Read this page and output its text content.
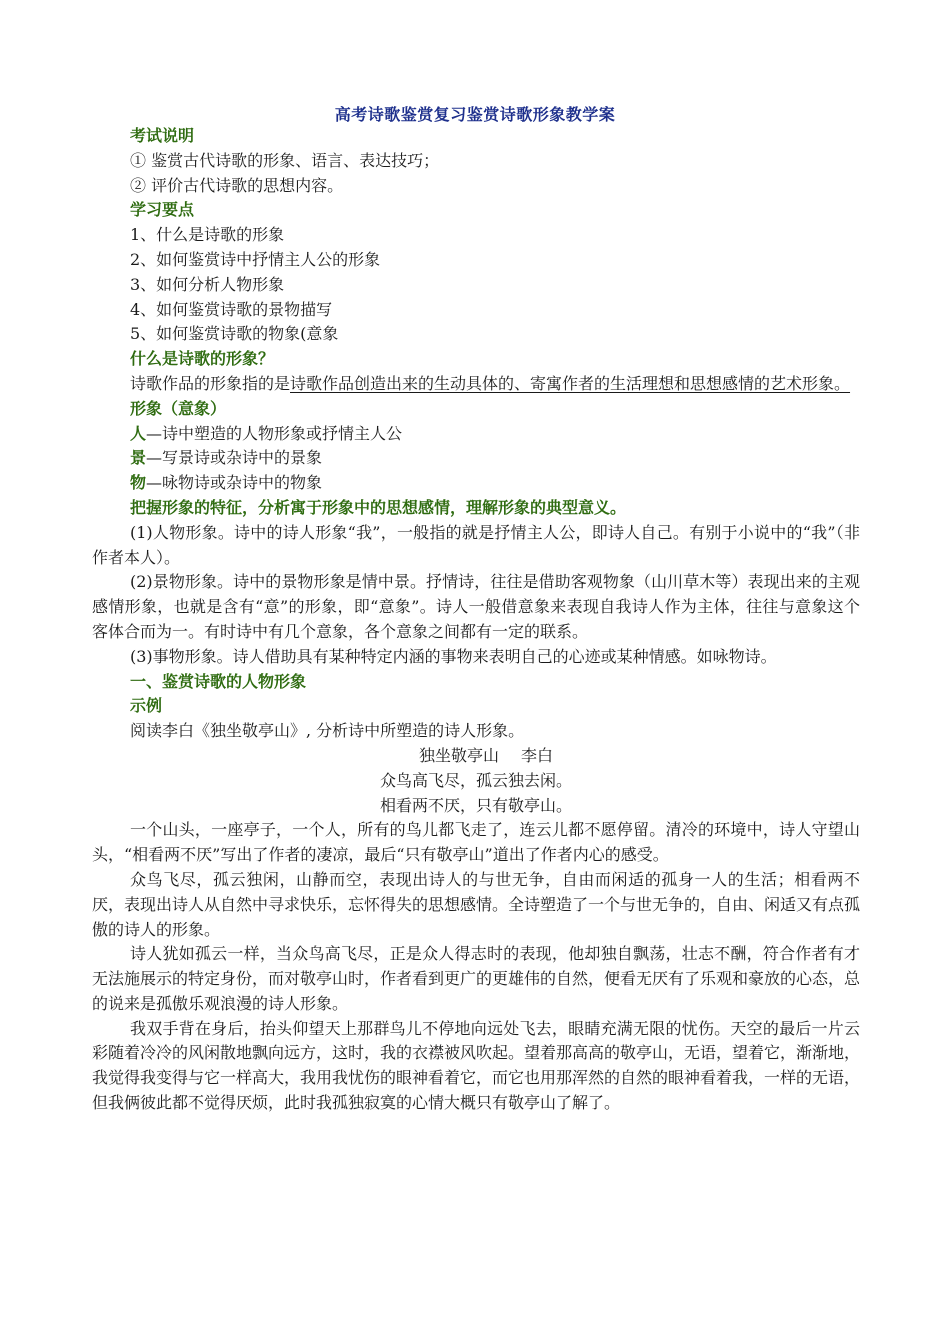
高考诗歌鉴赏复习鉴赏诗歌形象教学案

考试说明

① 鉴赏古代诗歌的形象、语言、表达技巧；

② 评价古代诗歌的思想内容。

学习要点

1、什么是诗歌的形象

2、如何鉴赏诗中抒情主人公的形象

3、如何分析人物形象

4、如何鉴赏诗歌的景物描写

5、如何鉴赏诗歌的物象(意象

什么是诗歌的形象？

诗歌作品的形象指的是诗歌作品创造出来的生动具体的、寄寓作者的生活理想和思想感情的艺术形象。

形象（意象）

人—诗中塑造的人物形象或抒情主人公

景—写景诗或杂诗中的景象

物—咏物诗或杂诗中的物象

把握形象的特征，分析寓于形象中的思想感情，理解形象的典型意义。

(1)人物形象。诗中的诗人形象“我”，一般指的就是抒情主人公，即诗人自己。有别于小说中的“我”（非作者本人）。

(2)景物形象。诗中的景物形象是情中景。抒情诗，往往是借助客观物象（山川草木等）表现出来的主观感情形象，也就是含有“意”的形象，即“意象”。诗人一般借意象来表现自我诗人作为主体，往往与意象这个客体合而为一。有时诗中有几个意象，各个意象之间都有一定的联系。

(3)事物形象。诗人借助具有某种特定内涵的事物来表明自己的心迹或某种情感。如咏物诗。

一、鉴赏诗歌的人物形象

示例

阅读李白《独坐敬亭山》, 分析诗中所塑造的诗人形象。

独坐敬亭山 李白

众鸟高飞尽，孤云独去闲。

相看两不厌，只有敬亭山。

一个山头，一座亭子，一个人，所有的鸟儿都飞走了，连云儿都不愿停留。清冷的环境中，诗人守望山头，“相看两不厌”写出了作者的凄凉，最后“只有敬亭山”道出了作者内心的感受。

众鸟飞尽，孤云独闲，山静而空，表现出诗人的与世无争，自由而闲适的孤身一人的生活；相看两不厌，表现出诗人从自然中寻求快乐，忘怀得失的思想感情。全诗塑造了一个与世无争的，自由、闲适又有点孤傲的诗人的形象。

诗人犹如孤云一样，当众鸟高飞尽，正是众人得志时的表现，他却独自飘荡，壮志不酬，符合作者有才无法施展示的特定身份，而对敬亭山时，作者看到更广的更雄伟的自然，便看无厌有了乐观和豪放的心态，总的说来是孤傲乐观浪漫的诗人形象。

我双手背在身后，抬头仰望天上那群鸟儿不停地向远处飞去，眼睛充满无限的忧伤。天空的最后一片云彩随着冷冷的风闲散地飘向远方，这时，我的衣襟被风吹起。望着那高高的敬亭山，无语，望着它，渐渐地，我觉得我变得与它一样高大，我用我忧伤的眼神看着它，而它也用那浑然的自然的眼神看着我，一样的无语，但我俩彼此都不觉得厌烦，此时我孤独寂寞的心情大概只有敬亭山了解了。
